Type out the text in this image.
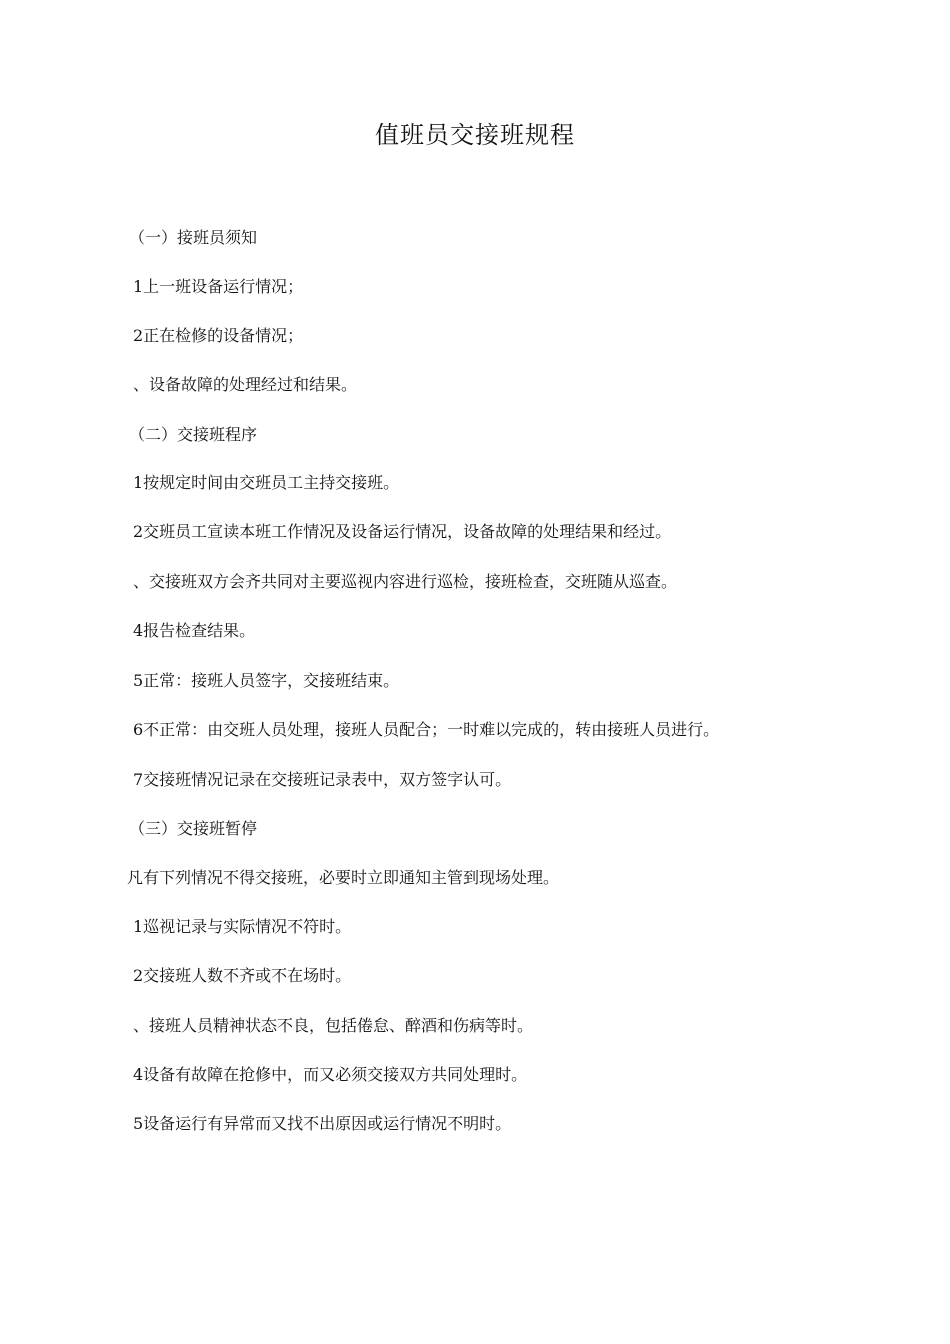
值班员交接班规程
（一）接班员须知
1上一班设备运行情况；
2正在检修的设备情况；
、设备故障的处理经过和结果。
（二）交接班程序
1按规定时间由交班员工主持交接班。
2交班员工宣读本班工作情况及设备运行情况，设备故障的处理结果和经过。
、交接班双方会齐共同对主要巡视内容进行巡检，接班检查，交班随从巡查。
4报告检查结果。
5正常：接班人员签字，交接班结束。
6不正常：由交班人员处理，接班人员配合；一时难以完成的，转由接班人员进行。
7交接班情况记录在交接班记录表中，双方签字认可。
（三）交接班暂停
凡有下列情况不得交接班，必要时立即通知主管到现场处理。
1巡视记录与实际情况不符时。
2交接班人数不齐或不在场时。
、接班人员精神状态不良，包括倦怠、醉酒和伤病等时。
4设备有故障在抢修中，而又必须交接双方共同处理时。
5设备运行有异常而又找不出原因或运行情况不明时。
